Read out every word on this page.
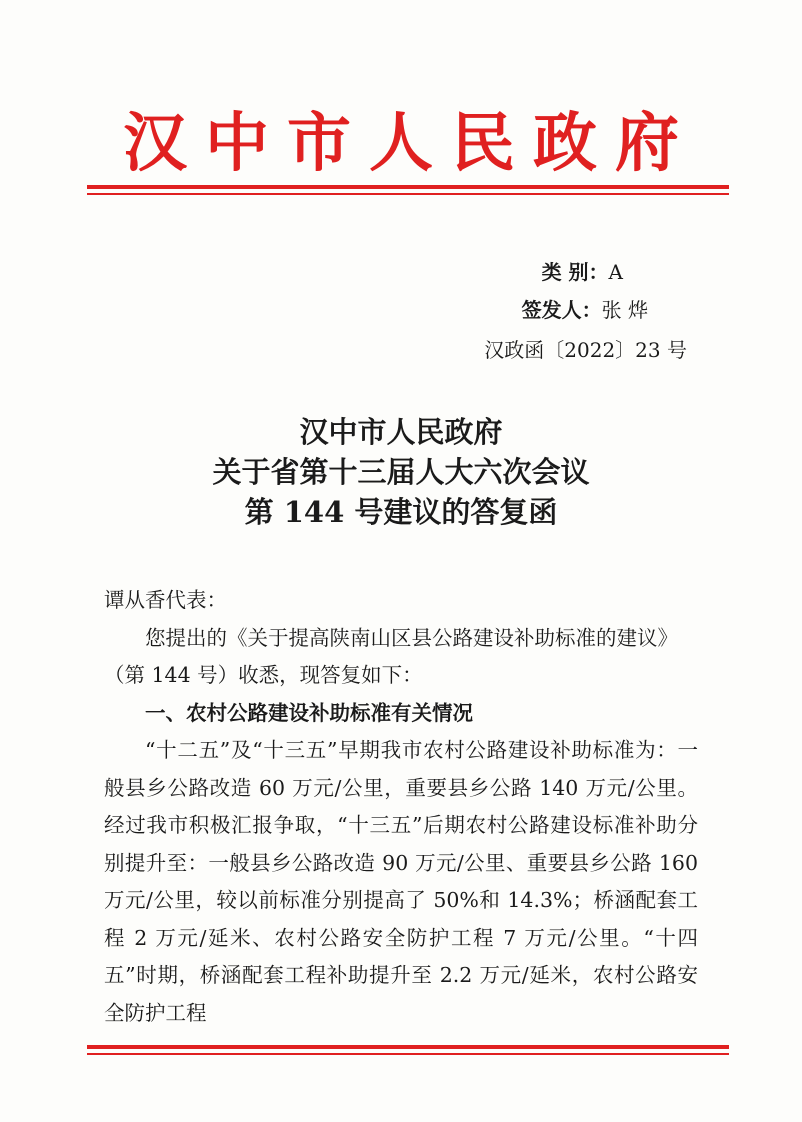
汉中市人民政府
类 别：A
签发人：张 烨
汉政函〔2022〕23 号
汉中市人民政府
关于省第十三届人大六次会议
第 144 号建议的答复函

谭从香代表：

您提出的《关于提高陕南山区县公路建设补助标准的建议》

（第 144 号）收悉，现答复如下：

一、农村公路建设补助标准有关情况

“十二五”及“十三五”早期我市农村公路建设补助标准为：一般县乡公路改造 60 万元/公里，重要县乡公路 140 万元/公里。经过我市积极汇报争取，“十三五”后期农村公路建设标准补助分别提升至：一般县乡公路改造 90 万元/公里、重要县乡公路 160 万元/公里，较以前标准分别提高了 50%和 14.3%；桥涵配套工程 2 万元/延米、农村公路安全防护工程 7 万元/公里。“十四五”时期，桥涵配套工程补助提升至 2.2 万元/延米，农村公路安全防护工程
